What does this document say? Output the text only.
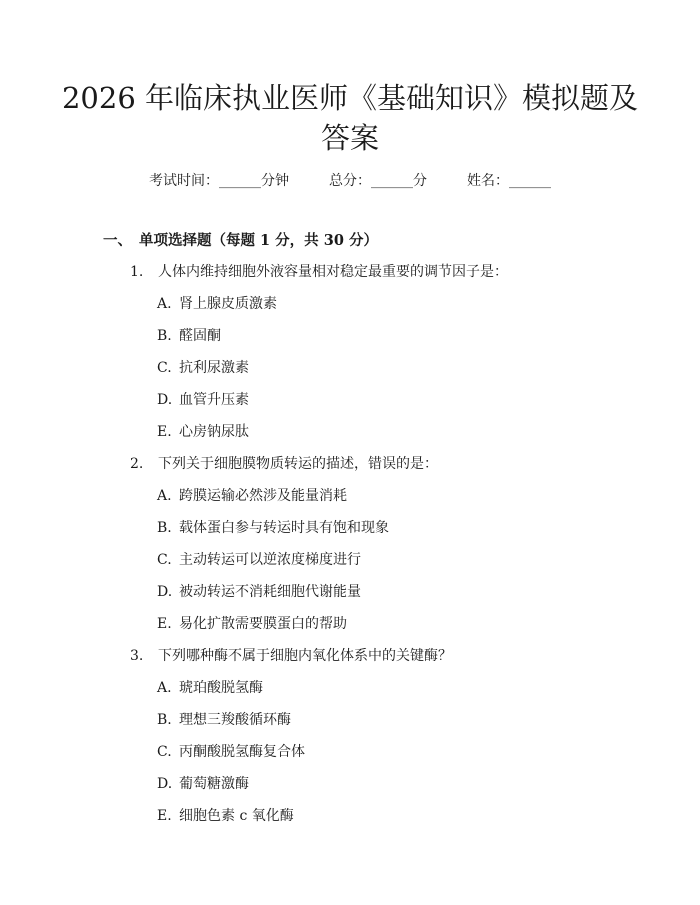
2026 年临床执业医师《基础知识》模拟题及
答案
考试时间：______分钟	总分：______分	姓名：______
一、 单项选择题（每题 1 分，共 30 分）
1. 人体内维持细胞外液容量相对稳定最重要的调节因子是：
A. 肾上腺皮质激素
B. 醛固酮
C. 抗利尿激素
D. 血管升压素
E. 心房钠尿肽
2. 下列关于细胞膜物质转运的描述，错误的是：
A. 跨膜运输必然涉及能量消耗
B. 载体蛋白参与转运时具有饱和现象
C. 主动转运可以逆浓度梯度进行
D. 被动转运不消耗细胞代谢能量
E. 易化扩散需要膜蛋白的帮助
3. 下列哪种酶不属于细胞内氧化体系中的关键酶？
A. 琥珀酸脱氢酶
B. 理想三羧酸循环酶
C. 丙酮酸脱氢酶复合体
D. 葡萄糖激酶
E. 细胞色素 c 氧化酶
